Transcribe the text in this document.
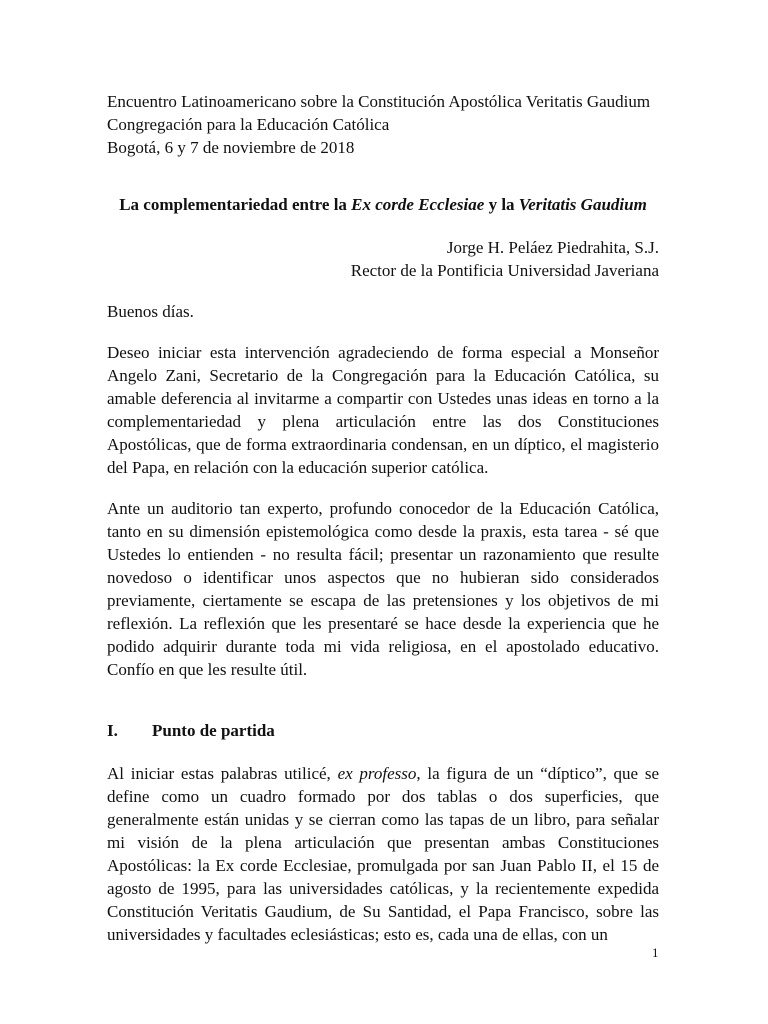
Encuentro Latinoamericano sobre la Constitución Apostólica Veritatis Gaudium

Congregación para la Educación Católica

Bogotá, 6 y 7 de noviembre de 2018

La complementariedad entre la Ex corde Ecclesiae y la Veritatis Gaudium

Jorge H. Peláez Piedrahita, S.J.

Rector de la Pontificia Universidad Javeriana

Buenos días.

Deseo iniciar esta intervención agradeciendo de forma especial a Monseñor Angelo Zani, Secretario de la Congregación para la Educación Católica, su amable deferencia al invitarme a compartir con Ustedes unas ideas en torno a la complementariedad y plena articulación entre las dos Constituciones Apostólicas, que de forma extraordinaria condensan, en un díptico, el magisterio del Papa, en relación con la educación superior católica.

Ante un auditorio tan experto, profundo conocedor de la Educación Católica, tanto en su dimensión epistemológica como desde la praxis, esta tarea - sé que Ustedes lo entienden - no resulta fácil; presentar un razonamiento que resulte novedoso o identificar unos aspectos que no hubieran sido considerados previamente, ciertamente se escapa de las pretensiones y los objetivos de mi reflexión. La reflexión que les presentaré se hace desde la experiencia que he podido adquirir durante toda mi vida religiosa, en el apostolado educativo. Confío en que les resulte útil.

I.	Punto de partida

Al iniciar estas palabras utilicé, ex professo, la figura de un “díptico”, que se define como un cuadro formado por dos tablas o dos superficies, que generalmente están unidas y se cierran como las tapas de un libro, para señalar mi visión de la plena articulación que presentan ambas Constituciones Apostólicas: la Ex corde Ecclesiae, promulgada por san Juan Pablo II, el 15 de agosto de 1995, para las universidades católicas, y la recientemente expedida Constitución Veritatis Gaudium, de Su Santidad, el Papa Francisco, sobre las universidades y facultades eclesiásticas; esto es, cada una de ellas, con un

1
